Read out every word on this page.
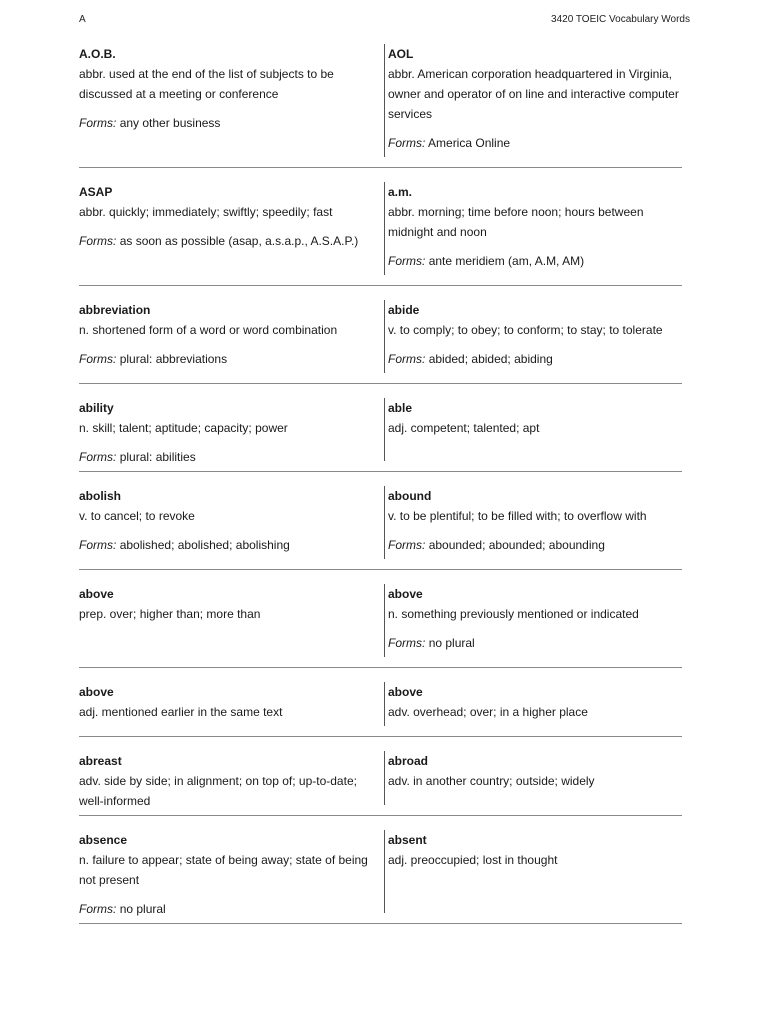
A	3420 TOEIC Vocabulary Words
A.O.B.
abbr. used at the end of the list of subjects to be discussed at a meeting or conference
Forms: any other business
AOL
abbr. American corporation headquartered in Virginia, owner and operator of on line and interactive computer services
Forms: America Online
ASAP
abbr. quickly; immediately; swiftly; speedily; fast
Forms: as soon as possible (asap, a.s.a.p., A.S.A.P.)
a.m.
abbr. morning; time before noon; hours between midnight and noon
Forms: ante meridiem (am, A.M, AM)
abbreviation
n. shortened form of a word or word combination
Forms: plural: abbreviations
abide
v. to comply; to obey; to conform; to stay; to tolerate
Forms: abided; abided; abiding
ability
n. skill; talent; aptitude; capacity; power
Forms: plural: abilities
able
adj. competent; talented; apt
abolish
v. to cancel; to revoke
Forms: abolished; abolished; abolishing
abound
v. to be plentiful; to be filled with; to overflow with
Forms: abounded; abounded; abounding
above
prep. over; higher than; more than
above
n. something previously mentioned or indicated
Forms: no plural
above
adj. mentioned earlier in the same text
above
adv. overhead; over; in a higher place
abreast
adv. side by side; in alignment; on top of; up-to-date; well-informed
abroad
adv. in another country; outside; widely
absence
n. failure to appear; state of being away; state of being not present
Forms: no plural
absent
adj. preoccupied; lost in thought
